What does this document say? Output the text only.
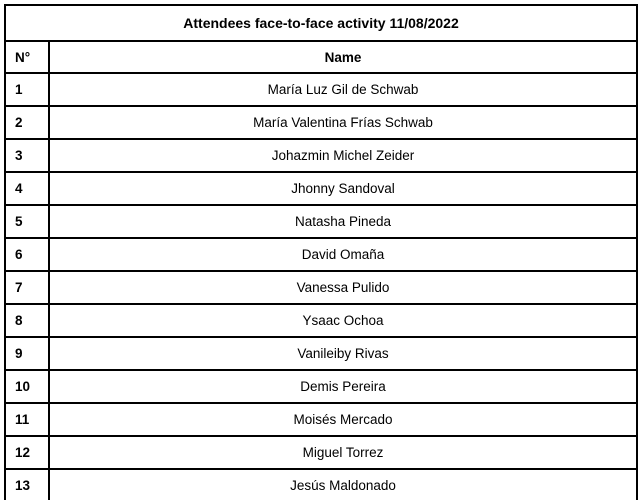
Attendees face-to-face activity 11/08/2022	
N°	Name
1	María Luz Gil de Schwab
2	María Valentina Frías Schwab
3	Johazmin Michel Zeider
4	Jhonny Sandoval
5	Natasha Pineda
6	David Omaña
7	Vanessa Pulido
8	Ysaac Ochoa
9	Vanileiby Rivas
10	Demis Pereira
11	Moisés Mercado
12	Miguel Torrez
13	Jesús Maldonado
